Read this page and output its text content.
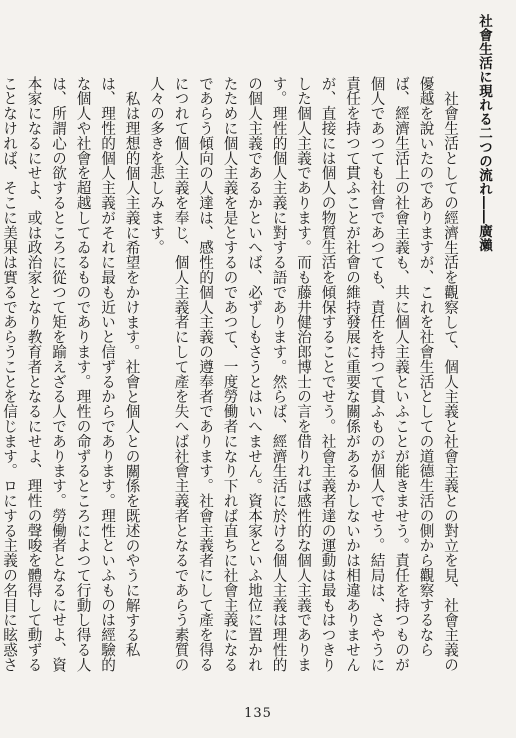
社會生活に現れる二つの流れ――廣瀨

社會生活としての經濟生活を觀察して、個人主義と社會主義との對立を見、社會主義の優越を說いたのでありますが、これを社會生活としての道德生活の側から觀察するならば、經濟生活上の社會主義も、共に個人主義といふことが能きませう。責任を持つものが個人であつても社會であつても、責任を持つて貫ふものが個人でせう。結局は、さやうに責任を持つて貫ふことが社會の維持發展に重要な關係があるかしないかは相違ありませんが、直接には個人の物質生活を傾保することでせう。社會主義者達の運動は最もはつきりした個人主義であります。而も藤井健治郎博士の言を借りれば感性的な個人主義であります。理性的個人主義に對する語であります。然らば、經濟生活に於ける個人主義は理性的の個人主義であるかといへば、必ずしもさうとはいへません。資本家といふ地位に置かれたために個人主義を是とするのであつて、一度勞働者になり下れば直ちに社會主義になるであらう傾向の人達は、感性的個人主義の遵奉者であります。社會主義者にして產を得るにつれて個人主義を奉じ、個人主義者にして產を失へば社會主義者となるであらう素質の人々の多きを悲しみます。

私は理想的個人主義に希望をかけます。社會と個人との關係を既述のやうに解する私は、理性的個人主義がそれに最も近いと信ずるからであります。理性といふものは經驗的な個人や社會を超越してゐるものであります。理性の命ずるところによつて行動し得る人は、所謂心の欲するところに從つて矩を踰えざる人であります。勞働者となるにせよ、資本家になるにせよ、或は政治家となり教育者となるにせよ、理性の聲唆を體得して動ずることなければ、そこに美果は實るであらうことを信じます。ロにする主義の名目に眩惑さ

135
